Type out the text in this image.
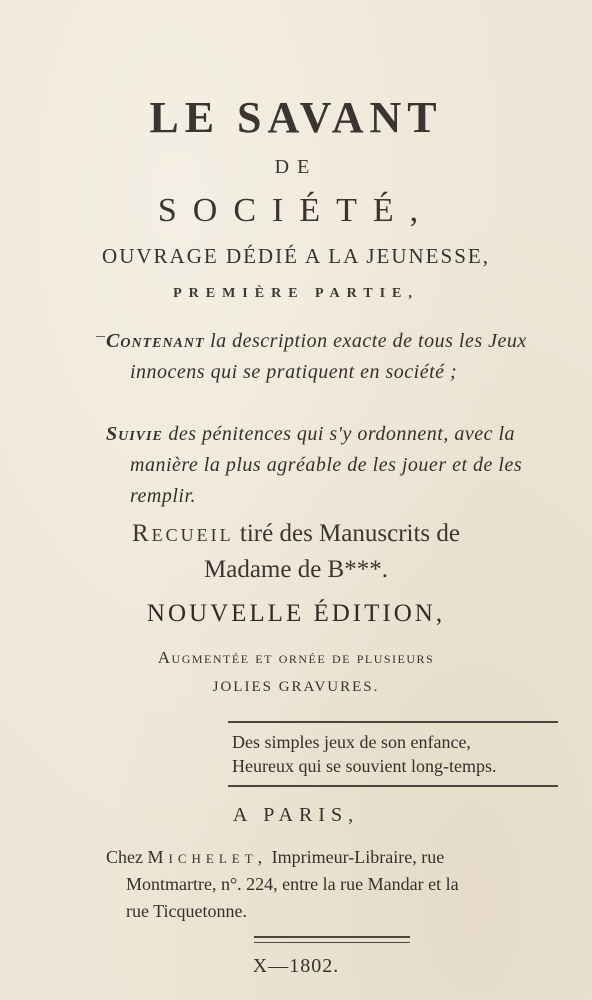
LE SAVANT
DE
SOCIÉTÉ,
OUVRAGE DÉDIÉ A LA JEUNESSE,
PREMIÈRE PARTIE,
Contenant la description exacte de tous les Jeux innocens qui se pratiquent en société ;
Suivie des pénitences qui s'y ordonnent, avec la manière la plus agréable de les jouer et de les remplir.
Recueil tiré des Manuscrits de
Madame de B***.
NOUVELLE ÉDITION,
Augmentée et ornée de plusieurs
JOLIES GRAVURES.
Des simples jeux de son enfance,
Heureux qui se souvient long-temps.
A PARIS,
Chez Michelet, Imprimeur-Libraire, rue
Montmartre, n°. 224, entre la rue Mandar et la
rue Ticquetonne.
X—1802.
